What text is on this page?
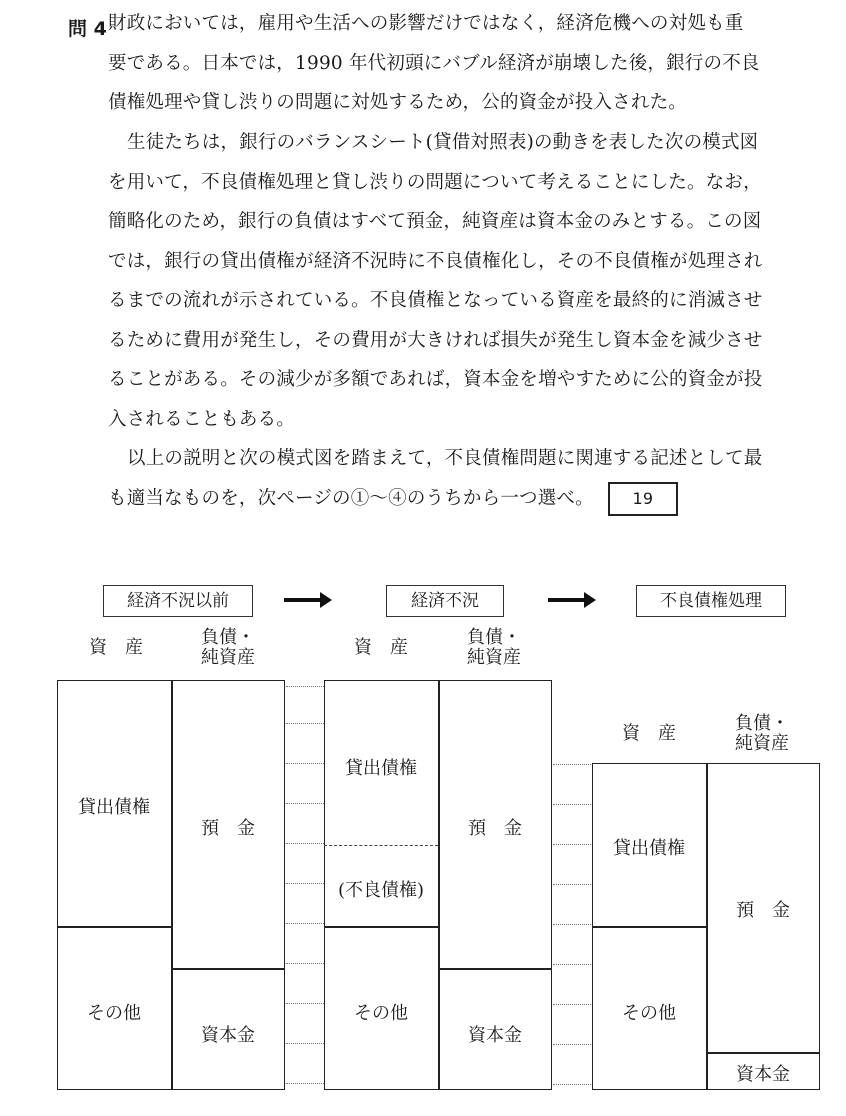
問 4 財政においては，雇用や生活への影響だけではなく，経済危機への対処も重
要である。日本では，1990 年代初頭にバブル経済が崩壊した後，銀行の不良
債権処理や貸し渋りの問題に対処するため，公的資金が投入された。
生徒たちは，銀行のバランスシート(貸借対照表)の動きを表した次の模式図
を用いて，不良債権処理と貸し渋りの問題について考えることにした。なお，
簡略化のため，銀行の負債はすべて預金，純資産は資本金のみとする。この図
では，銀行の貸出債権が経済不況時に不良債権化し，その不良債権が処理され
るまでの流れが示されている。不良債権となっている資産を最終的に消滅させ
るために費用が発生し，その費用が大きければ損失が発生し資本金を減少させ
ることがある。その減少が多額であれば，資本金を増やすために公的資金が投
入されることもある。
以上の説明と次の模式図を踏まえて，不良債権問題に関連する記述として最
も適当なものを，次ページの①～④のうちから一つ選べ。 19
経済不況以前	経済不況	不良債権処理
資　産	負債・
純資産	資　産	負債・
純資産
資　産	負債・
純資産
貸出債権
その他
預　金
資本金
貸出債権
(不良債権)
その他
預　金
資本金
貸出債権
その他
預　金
資本金
